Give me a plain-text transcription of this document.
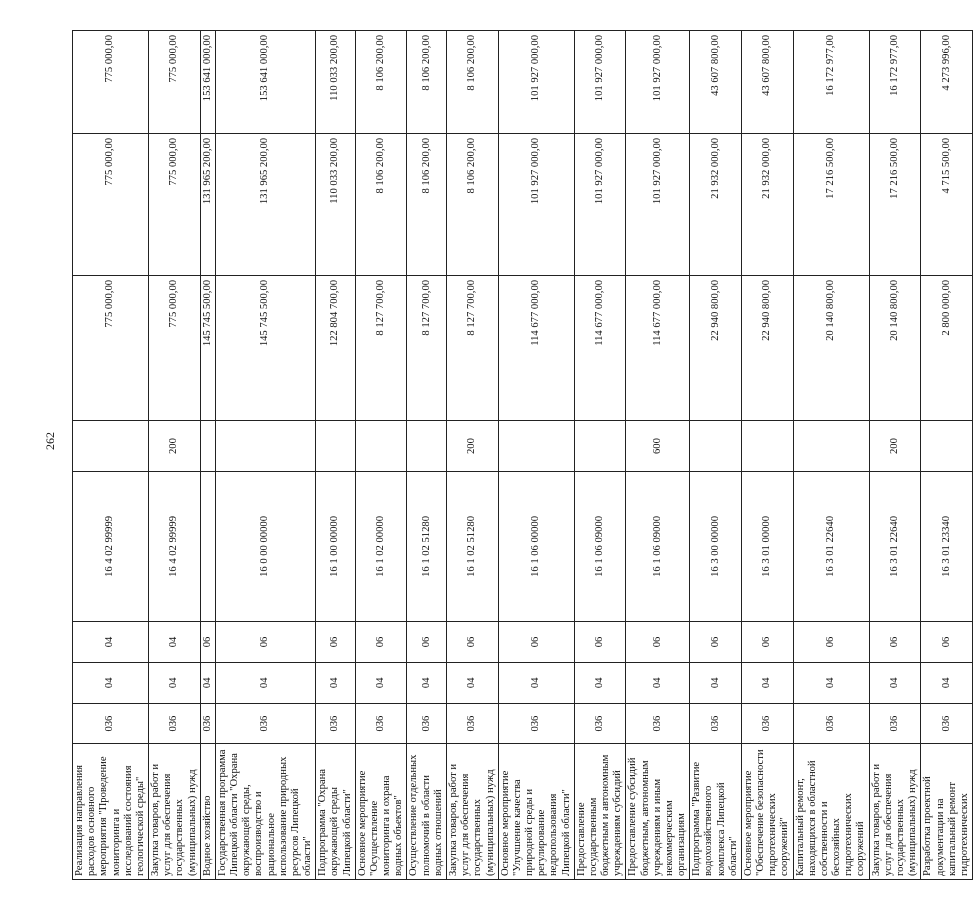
262
Реализация направления расходов основного мероприятия "Проведение мониторинга и исследований состояния геологической среды"	036	04	04	16 4 02 99999		775 000,00	775 000,00	775 000,00
Закупка товаров, работ и услуг для обеспечения государственных (муниципальных) нужд	036	04	04	16 4 02 99999	200	775 000,00	775 000,00	775 000,00
Водное хозяйство	036	04	06			145 745 500,00	131 965 200,00	153 641 000,00
Государственная программа Липецкой области "Охрана окружающей среды, воспроизводство и рациональное использование природных ресурсов Липецкой области"	036	04	06	16 0 00 00000		145 745 500,00	131 965 200,00	153 641 000,00
Подпрограмма "Охрана окружающей среды Липецкой области"	036	04	06	16 1 00 00000		122 804 700,00	110 033 200,00	110 033 200,00
Основное мероприятие "Осуществление мониторинга и охрана водных объектов"	036	04	06	16 1 02 00000		8 127 700,00	8 106 200,00	8 106 200,00
Осуществление отдельных полномочий в области водных отношений	036	04	06	16 1 02 51280		8 127 700,00	8 106 200,00	8 106 200,00
Закупка товаров, работ и услуг для обеспечения государственных (муниципальных) нужд	036	04	06	16 1 02 51280	200	8 127 700,00	8 106 200,00	8 106 200,00
Основное мероприятие "Улучшение качества природной среды и регулирование недропользования Липецкой области"	036	04	06	16 1 06 00000		114 677 000,00	101 927 000,00	101 927 000,00
Предоставление государственным бюджетным и автономным учреждениям субсидий	036	04	06	16 1 06 09000		114 677 000,00	101 927 000,00	101 927 000,00
Предоставление субсидий бюджетным, автономным учреждениям и иным некоммерческим организациям	036	04	06	16 1 06 09000	600	114 677 000,00	101 927 000,00	101 927 000,00
Подпрограмма "Развитие водохозяйственного комплекса Липецкой области"	036	04	06	16 3 00 00000		22 940 800,00	21 932 000,00	43 607 800,00
Основное мероприятие "Обеспечение безопасности гидротехнических сооружений"	036	04	06	16 3 01 00000		22 940 800,00	21 932 000,00	43 607 800,00
Капитальный ремонт, находящихся в областной собственности и бесхозяйных гидротехнических сооружений	036	04	06	16 3 01 22640		20 140 800,00	17 216 500,00	16 172 977,00
Закупка товаров, работ и услуг для обеспечения государственных (муниципальных) нужд	036	04	06	16 3 01 22640	200	20 140 800,00	17 216 500,00	16 172 977,00
Разработка проектной документации на капитальный ремонт гидротехнических	036	04	06	16 3 01 23340		2 800 000,00	4 715 500,00	4 273 996,00
